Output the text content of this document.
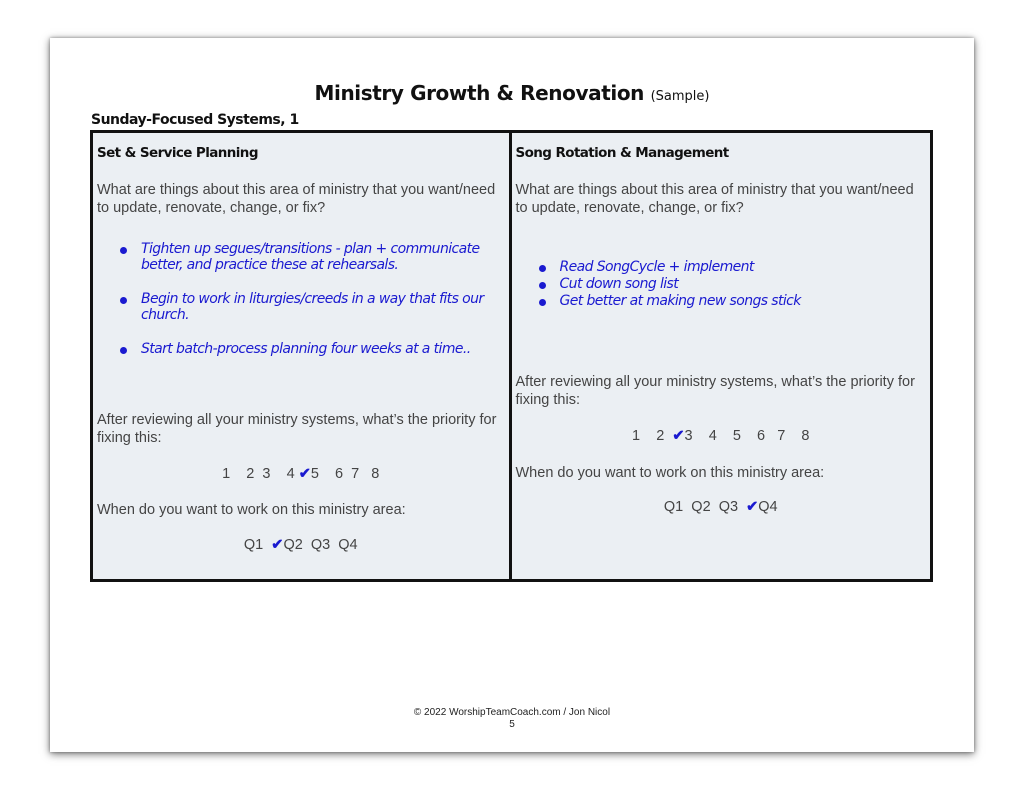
Ministry Growth & Renovation (Sample)
Sunday-Focused Systems, 1
Set & Service Planning
What are things about this area of ministry that you want/need to update, renovate, change, or fix?
Tighten up segues/transitions - plan + communicate better, and practice these at rehearsals.
Begin to work in liturgies/creeds in a way that fits our church.
Start batch-process planning four weeks at a time..
After reviewing all your ministry systems, what’s the priority for fixing this:
1    2  3    4 ✔5    6  7   8
When do you want to work on this ministry area:
Q1  ✔Q2  Q3  Q4
Song Rotation & Management
What are things about this area of ministry that you want/need to update, renovate, change, or fix?
Read SongCycle + implement
Cut down song list
Get better at making new songs stick
After reviewing all your ministry systems, what’s the priority for fixing this:
1    2  ✔3    4    5    6   7    8
When do you want to work on this ministry area:
Q1  Q2  Q3  ✔Q4
© 2022 WorshipTeamCoach.com / Jon Nicol
5
